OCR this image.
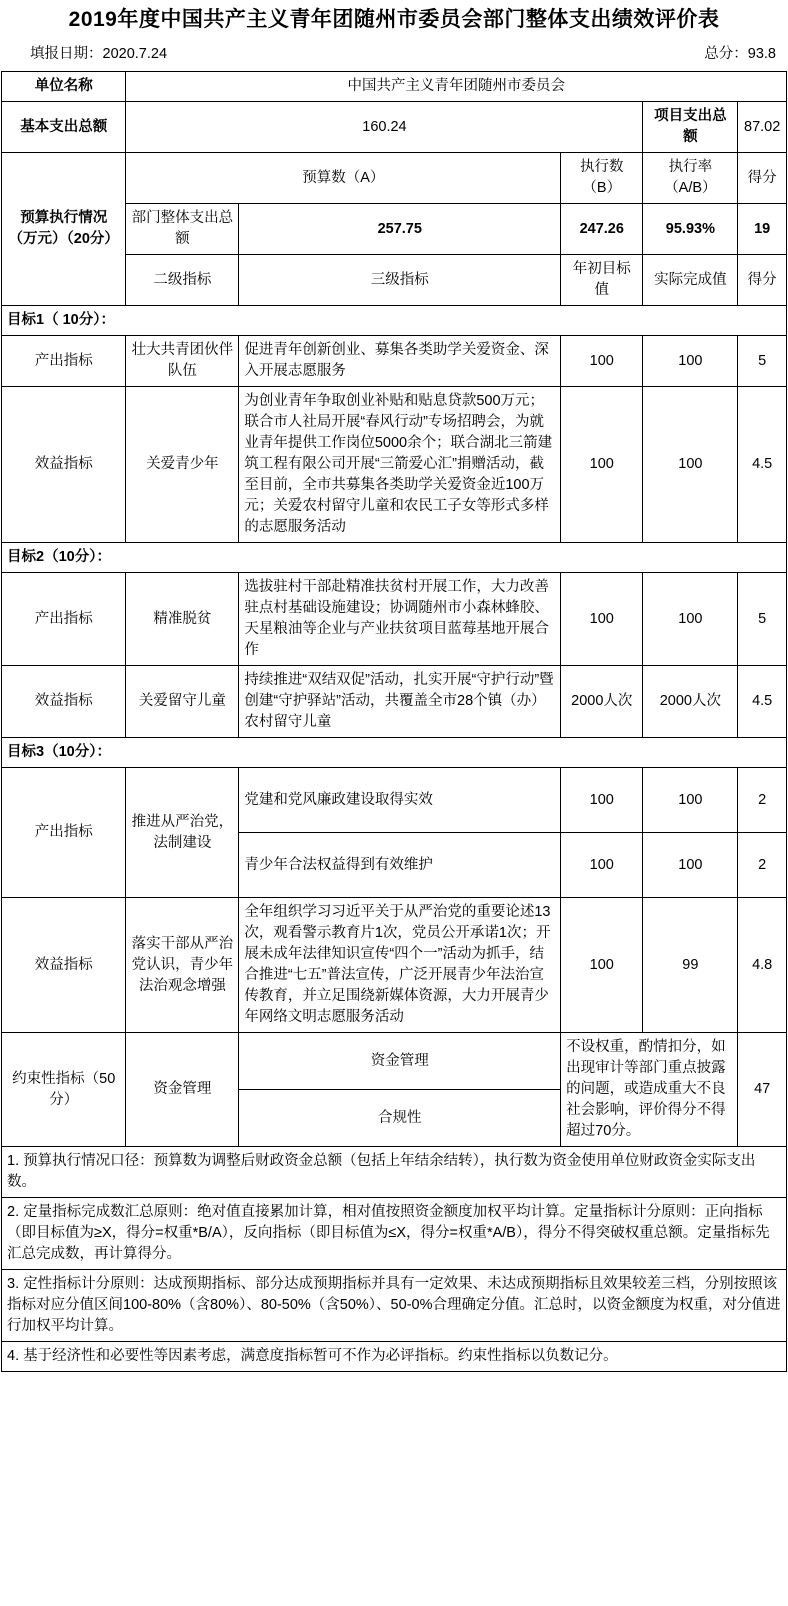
2019年度中国共产主义青年团随州市委员会部门整体支出绩效评价表
填报日期：2020.7.24	总分：93.8
单位名称	中国共产主义青年团随州市委员会				
基本支出总额	160.24			项目支出总额	87.02
预算执行情况（万元）（20分）	预算数（A）		执行数（B）	执行率（A/B）	得分
	部门整体支出总额	257.75	247.26	95.93%	19
	二级指标	三级指标	年初目标值	实际完成值	得分
目标1（ 10分）：					
产出指标	壮大共青团伙伴队伍	促进青年创新创业、募集各类助学关爱资金、深入开展志愿服务	100	100	5
效益指标	关爱青少年	为创业青年争取创业补贴和贴息贷款500万元；联合市人社局开展“春风行动”专场招聘会，为就业青年提供工作岗位5000余个；联合湖北三箭建筑工程有限公司开展“三箭爱心汇”捐赠活动，截至目前，全市共募集各类助学关爱资金近100万元；关爱农村留守儿童和农民工子女等形式多样的志愿服务活动	100	100	4.5
目标2（10分）：					
产出指标	精准脱贫	选拔驻村干部赴精准扶贫村开展工作，大力改善驻点村基础设施建设；协调随州市小森林蜂胶、天星粮油等企业与产业扶贫项目蓝莓基地开展合作	100	100	5
效益指标	关爱留守儿童	持续推进“双结双促”活动，扎实开展“守护行动”暨创建“守护驿站”活动，共覆盖全市28个镇（办）农村留守儿童	2000人次	2000人次	4.5
目标3（10分）：					
产出指标	推进从严治党，法制建设	党建和党风廉政建设取得实效	100	100	2
		青少年合法权益得到有效维护	100	100	2
效益指标	落实干部从严治党认识，青少年法治观念增强	全年组织学习习近平关于从严治党的重要论述13次，观看警示教育片1次，党员公开承诺1次；开展未成年法律知识宣传“四个一”活动为抓手，结合推进“七五”普法宣传，广泛开展青少年法治宣传教育，并立足围绕新媒体资源，大力开展青少年网络文明志愿服务活动	100	99	4.8
约束性指标（50分）	资金管理	资金管理	不设权重，酌情扣分，如出现审计等部门重点披露的问题，或造成重大不良社会影响，评价得分不得超过70分。		47
		合规性			
1. 预算执行情况口径：预算数为调整后财政资金总额（包括上年结余结转），执行数为资金使用单位财政资金实际支出数。					
2. 定量指标完成数汇总原则：绝对值直接累加计算，相对值按照资金额度加权平均计算。定量指标计分原则：正向指标（即目标值为≥X，得分=权重*B/A），反向指标（即目标值为≤X，得分=权重*A/B），得分不得突破权重总额。定量指标先汇总完成数，再计算得分。					
3. 定性指标计分原则：达成预期指标、部分达成预期指标并具有一定效果、未达成预期指标且效果较差三档，分别按照该指标对应分值区间100-80%（含80%）、80-50%（含50%）、50-0%合理确定分值。汇总时，以资金额度为权重，对分值进行加权平均计算。					
4. 基于经济性和必要性等因素考虑，满意度指标暂可不作为必评指标。约束性指标以负数记分。					
